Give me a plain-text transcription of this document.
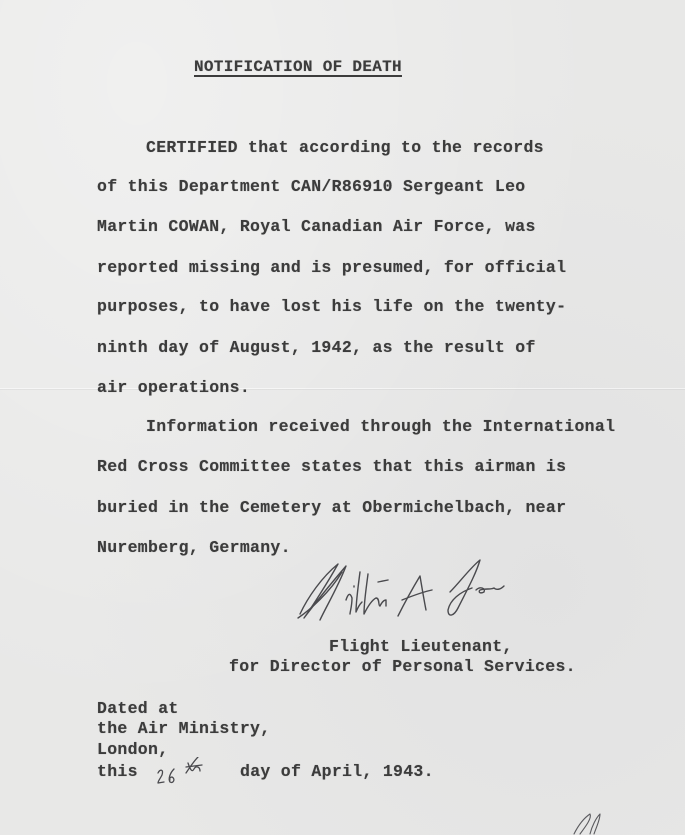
NOTIFICATION OF DEATH
CERTIFIED that according to the records
of this Department CAN/R86910 Sergeant Leo
Martin COWAN, Royal Canadian Air Force, was
reported missing and is presumed, for official
purposes, to have lost his life on the twenty-
ninth day of August, 1942, as the result of
air operations.
Information received through the International
Red Cross Committee states that this airman is
buried in the Cemetery at Obermichelbach, near
Nuremberg, Germany.
Flight Lieutenant,
for Director of Personal Services.
Dated at
the Air Ministry,
London,
this	day of April, 1943.
